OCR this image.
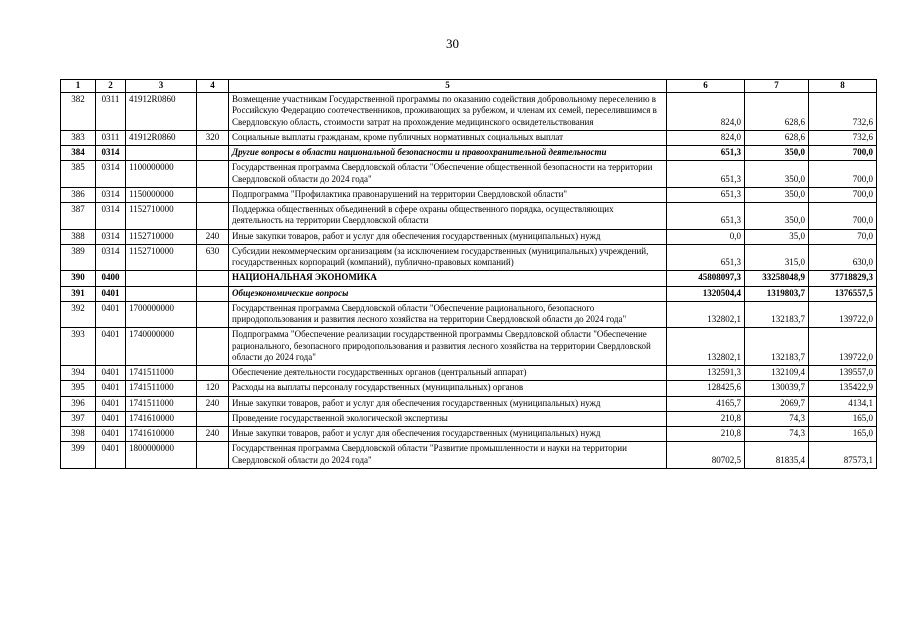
30
1	2	3	4	5	6	7	8
382	0311	41912R0860		Возмещение участникам Государственной программы по оказанию содействия добровольному переселению в Российскую Федерацию соотечественников, проживающих за рубежом, и членам их семей, переселившимся в Свердловскую область, стоимости затрат на прохождение медицинского освидетельствования	824,0	628,6	732,6
383	0311	41912R0860	320	Социальные выплаты гражданам, кроме публичных нормативных социальных выплат	824,0	628,6	732,6
384	0314			Другие вопросы в области национальной безопасности и правоохранительной деятельности	651,3	350,0	700,0
385	0314	1100000000		Государственная программа Свердловской области "Обеспечение общественной безопасности на территории Свердловской области до 2024 года"	651,3	350,0	700,0
386	0314	1150000000		Подпрограмма "Профилактика правонарушений на территории Свердловской области"	651,3	350,0	700,0
387	0314	1152710000		Поддержка общественных объединений в сфере охраны общественного порядка, осуществляющих деятельность на территории Свердловской области	651,3	350,0	700,0
388	0314	1152710000	240	Иные закупки товаров, работ и услуг для обеспечения государственных (муниципальных) нужд	0,0	35,0	70,0
389	0314	1152710000	630	Субсидии некоммерческим организациям (за исключением государственных (муниципальных) учреждений, государственных корпораций (компаний), публично-правовых компаний)	651,3	315,0	630,0
390	0400			НАЦИОНАЛЬНАЯ ЭКОНОМИКА	45808097,3	33258048,9	37718829,3
391	0401			Общеэкономические вопросы	1320504,4	1319803,7	1376557,5
392	0401	1700000000		Государственная программа Свердловской области "Обеспечение рационального, безопасного природопользования и развития лесного хозяйства на территории Свердловской области до 2024 года"	132802,1	132183,7	139722,0
393	0401	1740000000		Подпрограмма "Обеспечение реализации государственной программы Свердловской области "Обеспечение рационального, безопасного природопользования и развития лесного хозяйства на территории Свердловской области до 2024 года"	132802,1	132183,7	139722,0
394	0401	1741511000		Обеспечение деятельности государственных органов (центральный аппарат)	132591,3	132109,4	139557,0
395	0401	1741511000	120	Расходы на выплаты персоналу государственных (муниципальных) органов	128425,6	130039,7	135422,9
396	0401	1741511000	240	Иные закупки товаров, работ и услуг для обеспечения государственных (муниципальных) нужд	4165,7	2069,7	4134,1
397	0401	1741610000		Проведение государственной экологической экспертизы	210,8	74,3	165,0
398	0401	1741610000	240	Иные закупки товаров, работ и услуг для обеспечения государственных (муниципальных) нужд	210,8	74,3	165,0
399	0401	1800000000		Государственная программа Свердловской области "Развитие промышленности и науки на территории Свердловской области до 2024 года"	80702,5	81835,4	87573,1
